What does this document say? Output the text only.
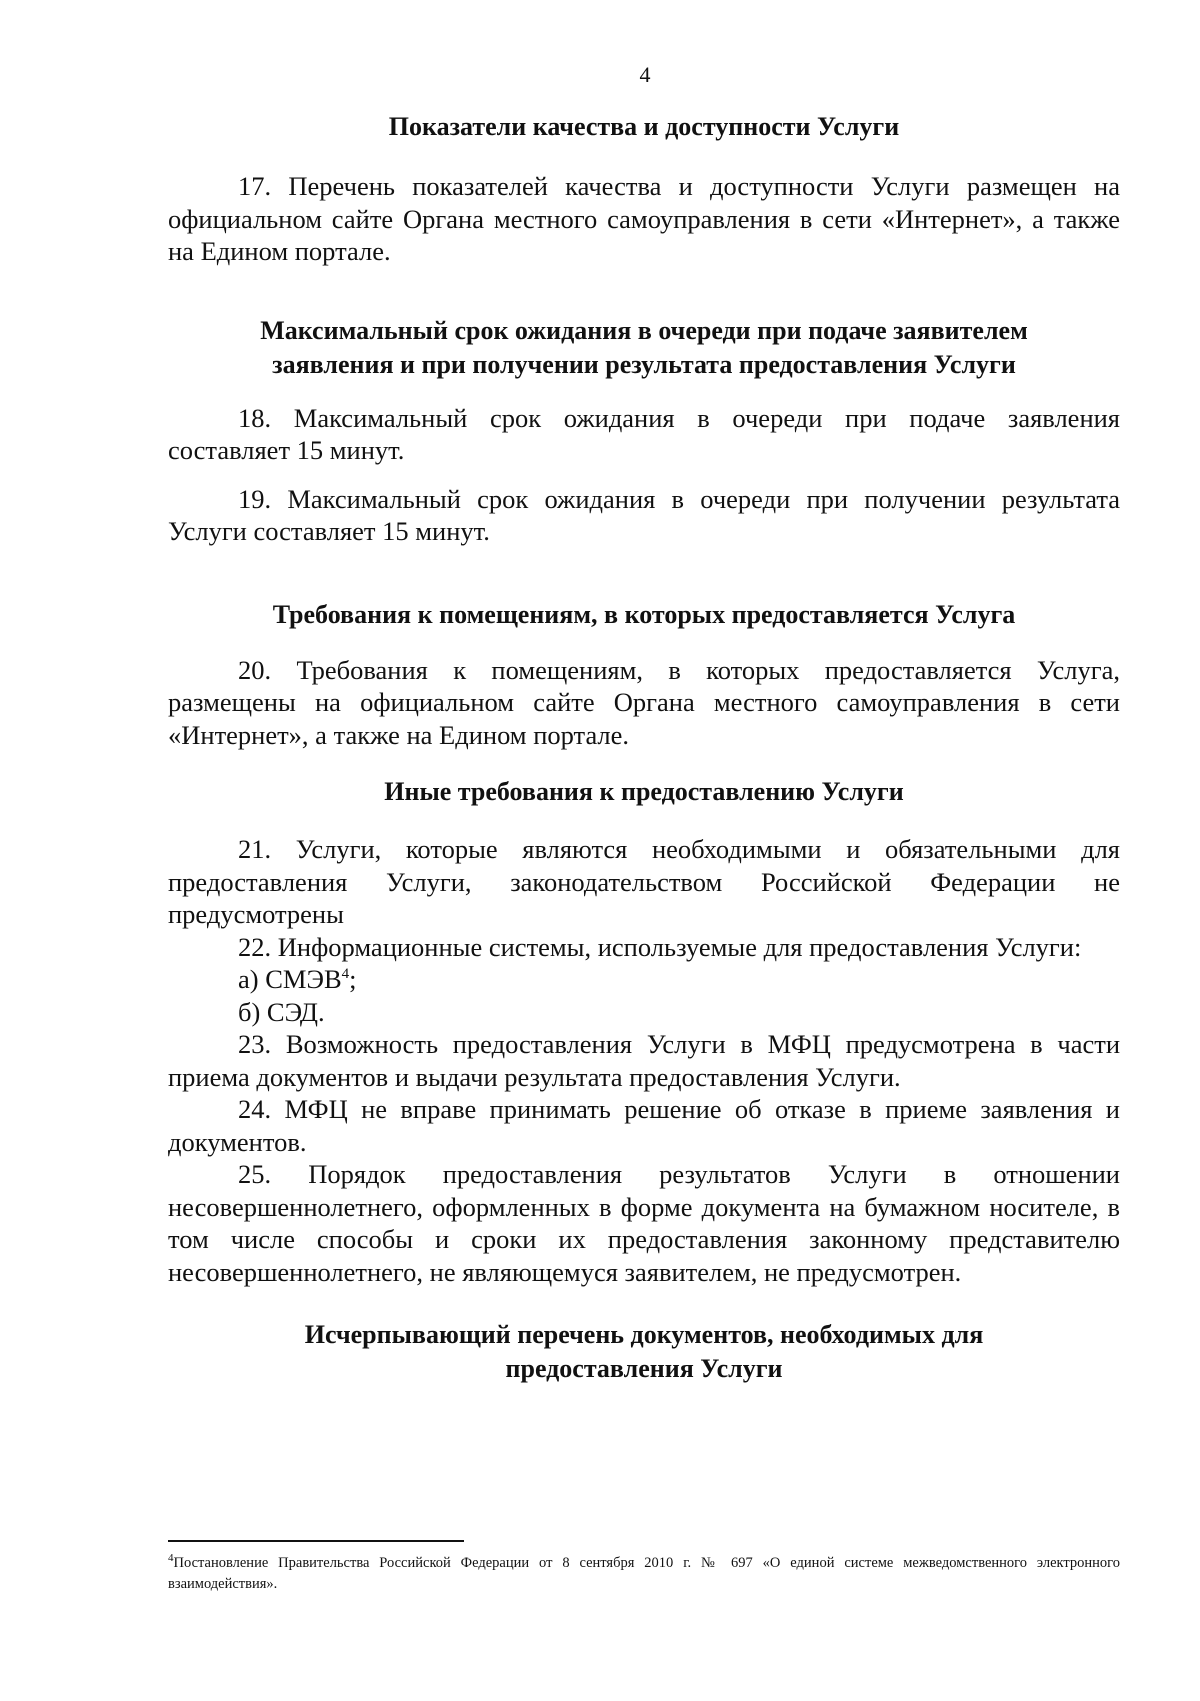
4
Показатели качества и доступности Услуги
17. Перечень показателей качества и доступности Услуги размещен на официальном сайте Органа местного самоуправления в сети «Интернет», а также на Едином портале.
Максимальный срок ожидания в очереди при подаче заявителем
заявления и при получении результата предоставления Услуги
18. Максимальный срок ожидания в очереди при подаче заявления составляет 15 минут.
19. Максимальный срок ожидания в очереди при получении результата Услуги составляет 15 минут.
Требования к помещениям, в которых предоставляется Услуга
20. Требования к помещениям, в которых предоставляется Услуга, размещены на официальном сайте Органа местного самоуправления в сети «Интернет», а также на Едином портале.
Иные требования к предоставлению Услуги
21. Услуги, которые являются необходимыми и обязательными для предоставления Услуги, законодательством Российской Федерации не предусмотрены
22. Информационные системы, используемые для предоставления Услуги:
а) СМЭВ$^4$;
б) СЭД.
23. Возможность предоставления Услуги в МФЦ предусмотрена в части приема документов и выдачи результата предоставления Услуги.
24. МФЦ не вправе принимать решение об отказе в приеме заявления и документов.
25. Порядок предоставления результатов Услуги в отношении несовершеннолетнего, оформленных в форме документа на бумажном носителе, в том числе способы и сроки их предоставления законному представителю несовершеннолетнего, не являющемуся заявителем, не предусмотрен.
Исчерпывающий перечень документов, необходимых для
предоставления Услуги
$^4$Постановление Правительства Российской Федерации от 8 сентября 2010 г. № 697 «О единой системе межведомственного электронного взаимодействия».
